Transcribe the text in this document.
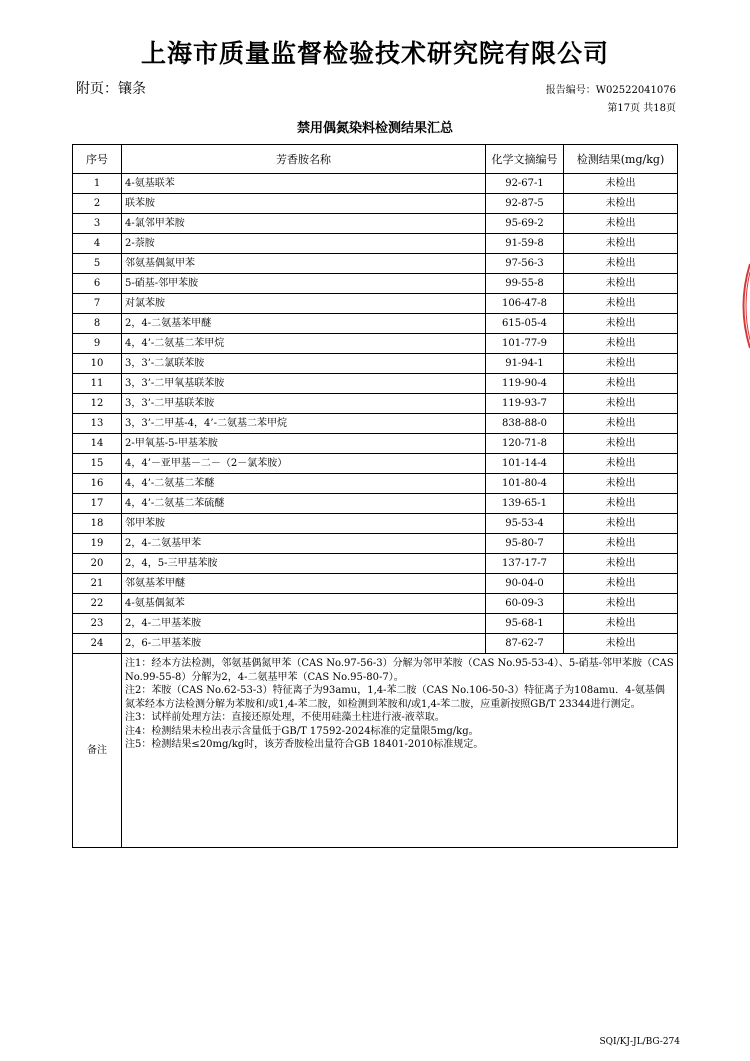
上海市质量监督检验技术研究院有限公司
附页：镶条	报告编号：W02522041076
第17页 共18页
禁用偶氮染料检测结果汇总
序号	芳香胺名称	化学文摘编号	检测结果(mg/kg)
1	4-氨基联苯	92-67-1	未检出
2	联苯胺	92-87-5	未检出
3	4-氯邻甲苯胺	95-69-2	未检出
4	2-萘胺	91-59-8	未检出
5	邻氨基偶氮甲苯	97-56-3	未检出
6	5-硝基-邻甲苯胺	99-55-8	未检出
7	对氯苯胺	106-47-8	未检出
8	2，4-二氨基苯甲醚	615-05-4	未检出
9	4，4’-二氨基二苯甲烷	101-77-9	未检出
10	3，3’-二氯联苯胺	91-94-1	未检出
11	3，3’-二甲氧基联苯胺	119-90-4	未检出
12	3，3’-二甲基联苯胺	119-93-7	未检出
13	3，3’-二甲基-4，4’-二氨基二苯甲烷	838-88-0	未检出
14	2-甲氧基-5-甲基苯胺	120-71-8	未检出
15	4，4’－亚甲基－二－（2－氯苯胺）	101-14-4	未检出
16	4，4’-二氨基二苯醚	101-80-4	未检出
17	4，4’-二氨基二苯硫醚	139-65-1	未检出
18	邻甲苯胺	95-53-4	未检出
19	2，4-二氨基甲苯	95-80-7	未检出
20	2，4，5-三甲基苯胺	137-17-7	未检出
21	邻氨基苯甲醚	90-04-0	未检出
22	4-氨基偶氮苯	60-09-3	未检出
23	2，4-二甲基苯胺	95-68-1	未检出
24	2，6-二甲基苯胺	87-62-7	未检出
备注	注1：经本方法检测，邻氨基偶氮甲苯（CAS No.97-56-3）分解为邻甲苯胺（CAS No.95-53-4）、5-硝基-邻甲苯胺（CAS No.99-55-8）分解为2，4-二氨基甲苯（CAS No.95-80-7）。
注2：苯胺（CAS No.62-53-3）特征离子为93amu，1,4-苯二胺（CAS No.106-50-3）特征离子为108amu．4-氨基偶氮苯经本方法检测分解为苯胺和/或1,4-苯二胺，如检测到苯胺和/或1,4-苯二胺，应重新按照GB/T 23344进行测定。
注3：试样前处理方法：直接还原处理，不使用硅藻土柱进行液-液萃取。
注4：检测结果未检出表示含量低于GB/T 17592-2024标准的定量限5mg/kg。
注5：检测结果≤20mg/kg时，该芳香胺检出量符合GB 18401-2010标准规定。		
SQI/KJ-JL/BG-274
